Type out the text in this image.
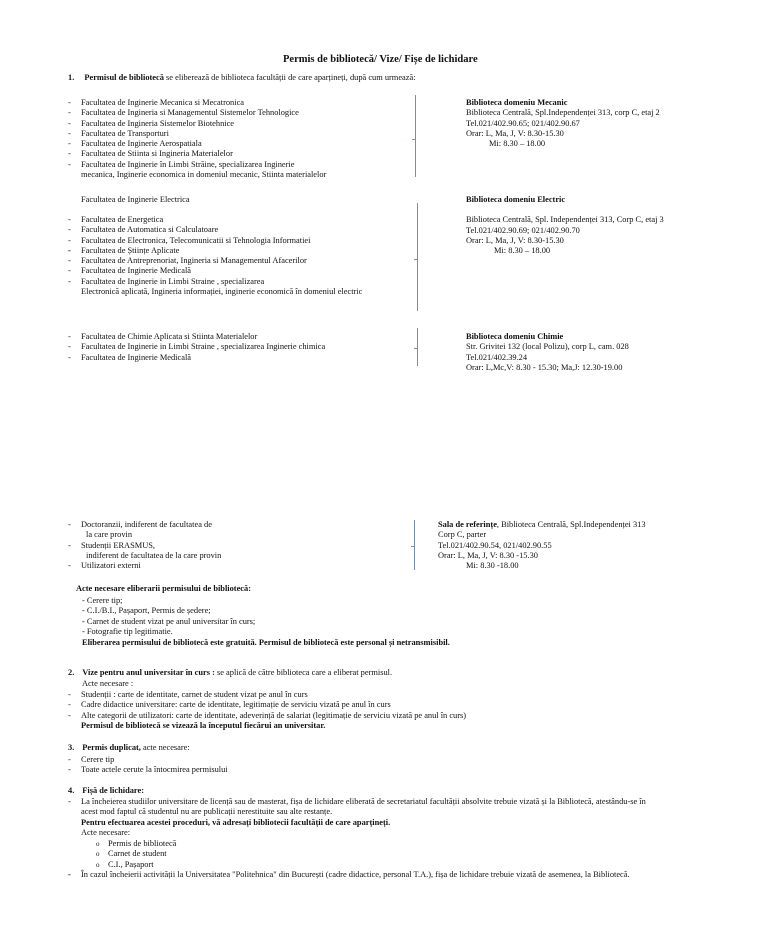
Permis de bibliotecă/ Vize/ Fișe de lichidare
1. Permisul de bibliotecă se eliberează de biblioteca facultății de care aparțineți, după cum urmează:
- Facultatea de Inginerie Mecanica si Mecatronica
- Facultatea de Ingineria si Managementul Sistemelor Tehnologice
- Facultatea de Ingineria Sistemelor Biotehnice
- Facultatea de Transporturi
- Facultatea de Inginerie Aerospatiala
- Facultatea de Stiinta si Ingineria Materialelor
- Facultatea de Inginerie în Limbi Străine, specializarea Inginerie
mecanica, Inginerie economica in domeniul mecanic, Stiinta materialelor
Biblioteca domeniu Mecanic
Biblioteca Centrală, Spl.Independenței 313, corp C, etaj 2
Tel.021/402.90.65; 021/402.90.67
Orar: L, Ma, J, V: 8.30-15.30
Mi: 8.30 – 18.00
Facultatea de Inginerie Electrica
- Facultatea de Energetica
- Facultatea de Automatica si Calculatoare
- Facultatea de Electronica, Telecomunicatii si Tehnologia Informatiei
- Facultatea de Științe Aplicate
- Facultatea de Antreprenoriat, Ingineria si Managementul Afacerilor
- Facultatea de Inginerie Medicală
- Facultatea de Inginerie in Limbi Straine , specializarea
Electronică aplicată, Ingineria informației, inginerie economică în domeniul electric
Biblioteca domeniu Electric
Biblioteca Centrală, Spl. Independenței 313, Corp C, etaj 3
Tel.021/402.90.69; 021/402.90.70
Orar: L, Ma, J, V: 8.30-15.30
Mi: 8.30 – 18.00
- Facultatea de Chimie Aplicata si Stiinta Materialelor
- Facultatea de Inginerie in Limbi Straine , specializarea Inginerie chimica
- Facultatea de Inginerie Medicală
Biblioteca domeniu Chimie
Str. Grivitei 132 (local Polizu), corp L, cam. 028
Tel.021/402.39.24
Orar: L,Mc,V: 8.30 - 15.30; Ma,J: 12.30-19.00
- Doctoranzii, indiferent de facultatea de
la care provin
- Studenții ERASMUS,
indiferent de facultatea de la care provin
- Utilizatori externi
Sala de referințe, Biblioteca Centrală, Spl.Independenței 313
Corp C, parter
Tel.021/402.90.54, 021/402.90.55
Orar: L, Ma, J, V: 8.30 -15.30
Mi: 8.30 -18.00
Acte necesare eliberarii permisului de bibliotecă:
- Cerere tip;
- C.I./B.I., Pașaport, Permis de ședere;
- Carnet de student vizat pe anul universitar în curs;
- Fotografie tip legitimatie.
Eliberarea permisului de bibliotecă este gratuită. Permisul de bibliotecă este personal și netransmisibil.
2. Vize pentru anul universitar în curs : se aplică de către biblioteca care a eliberat permisul.
Acte necesare :
- Studenții : carte de identitate, carnet de student vizat pe anul în curs
- Cadre didactice universitare: carte de identitate, legitimație de serviciu vizată pe anul în curs
- Alte categorii de utilizatori: carte de identitate, adeverință de salariat (legitimație de serviciu vizată pe anul în curs)
Permisul de bibliotecă se vizează la începutul fiecărui an universitar.
3. Permis duplicat, acte necesare:
- Cerere tip
- Toate actele cerute la întocmirea permisului
4. Fișă de lichidare:
- La încheierea studiilor universitare de licență sau de masterat, fișa de lichidare eliberată de secretariatul facultății absolvite trebuie vizată și la Bibliotecă, atestându-se în
acest mod faptul că studentul nu are publicații nerestituite sau alte restanțe.
Pentru efectuarea acestei proceduri, vă adresați bibliotecii facultății de care aparțineți.
Acte necesare:
o Permis de bibliotecă
o Carnet de student
o C.I., Pașaport
- În cazul încheierii activității la Universitatea "Politehnica" din București (cadre didactice, personal T.A.), fișa de lichidare trebuie vizată de asemenea, la Bibliotecă.
